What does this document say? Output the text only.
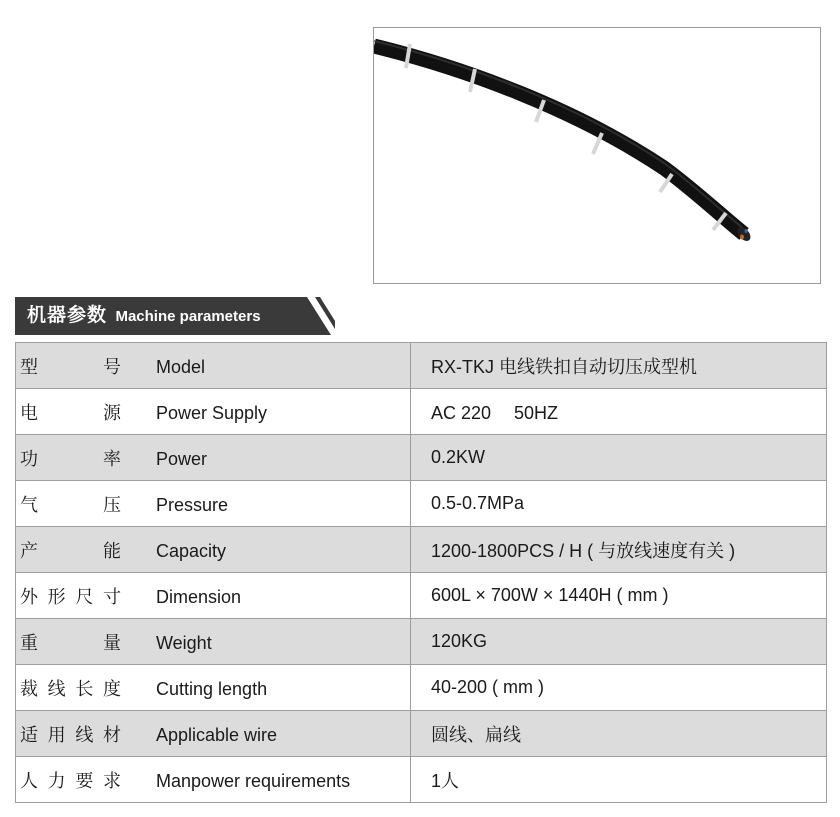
机器参数 Machine parameters
型　号 Model	RX-TKJ 电线铁扣自动切压成型机
电　源 Power Supply	AC 220　 50HZ
功　率 Power	0.2KW
气　压 Pressure	0.5-0.7MPa
产　能 Capacity	1200-1800PCS / H ( 与放线速度有关 )
外形尺寸 Dimension	600L × 700W × 1440H ( mm )
重　量 Weight	120KG
裁线长度 Cutting length	40-200 ( mm )
适用线材 Applicable wire	圆线、扁线
人力要求 Manpower requirements	1人
